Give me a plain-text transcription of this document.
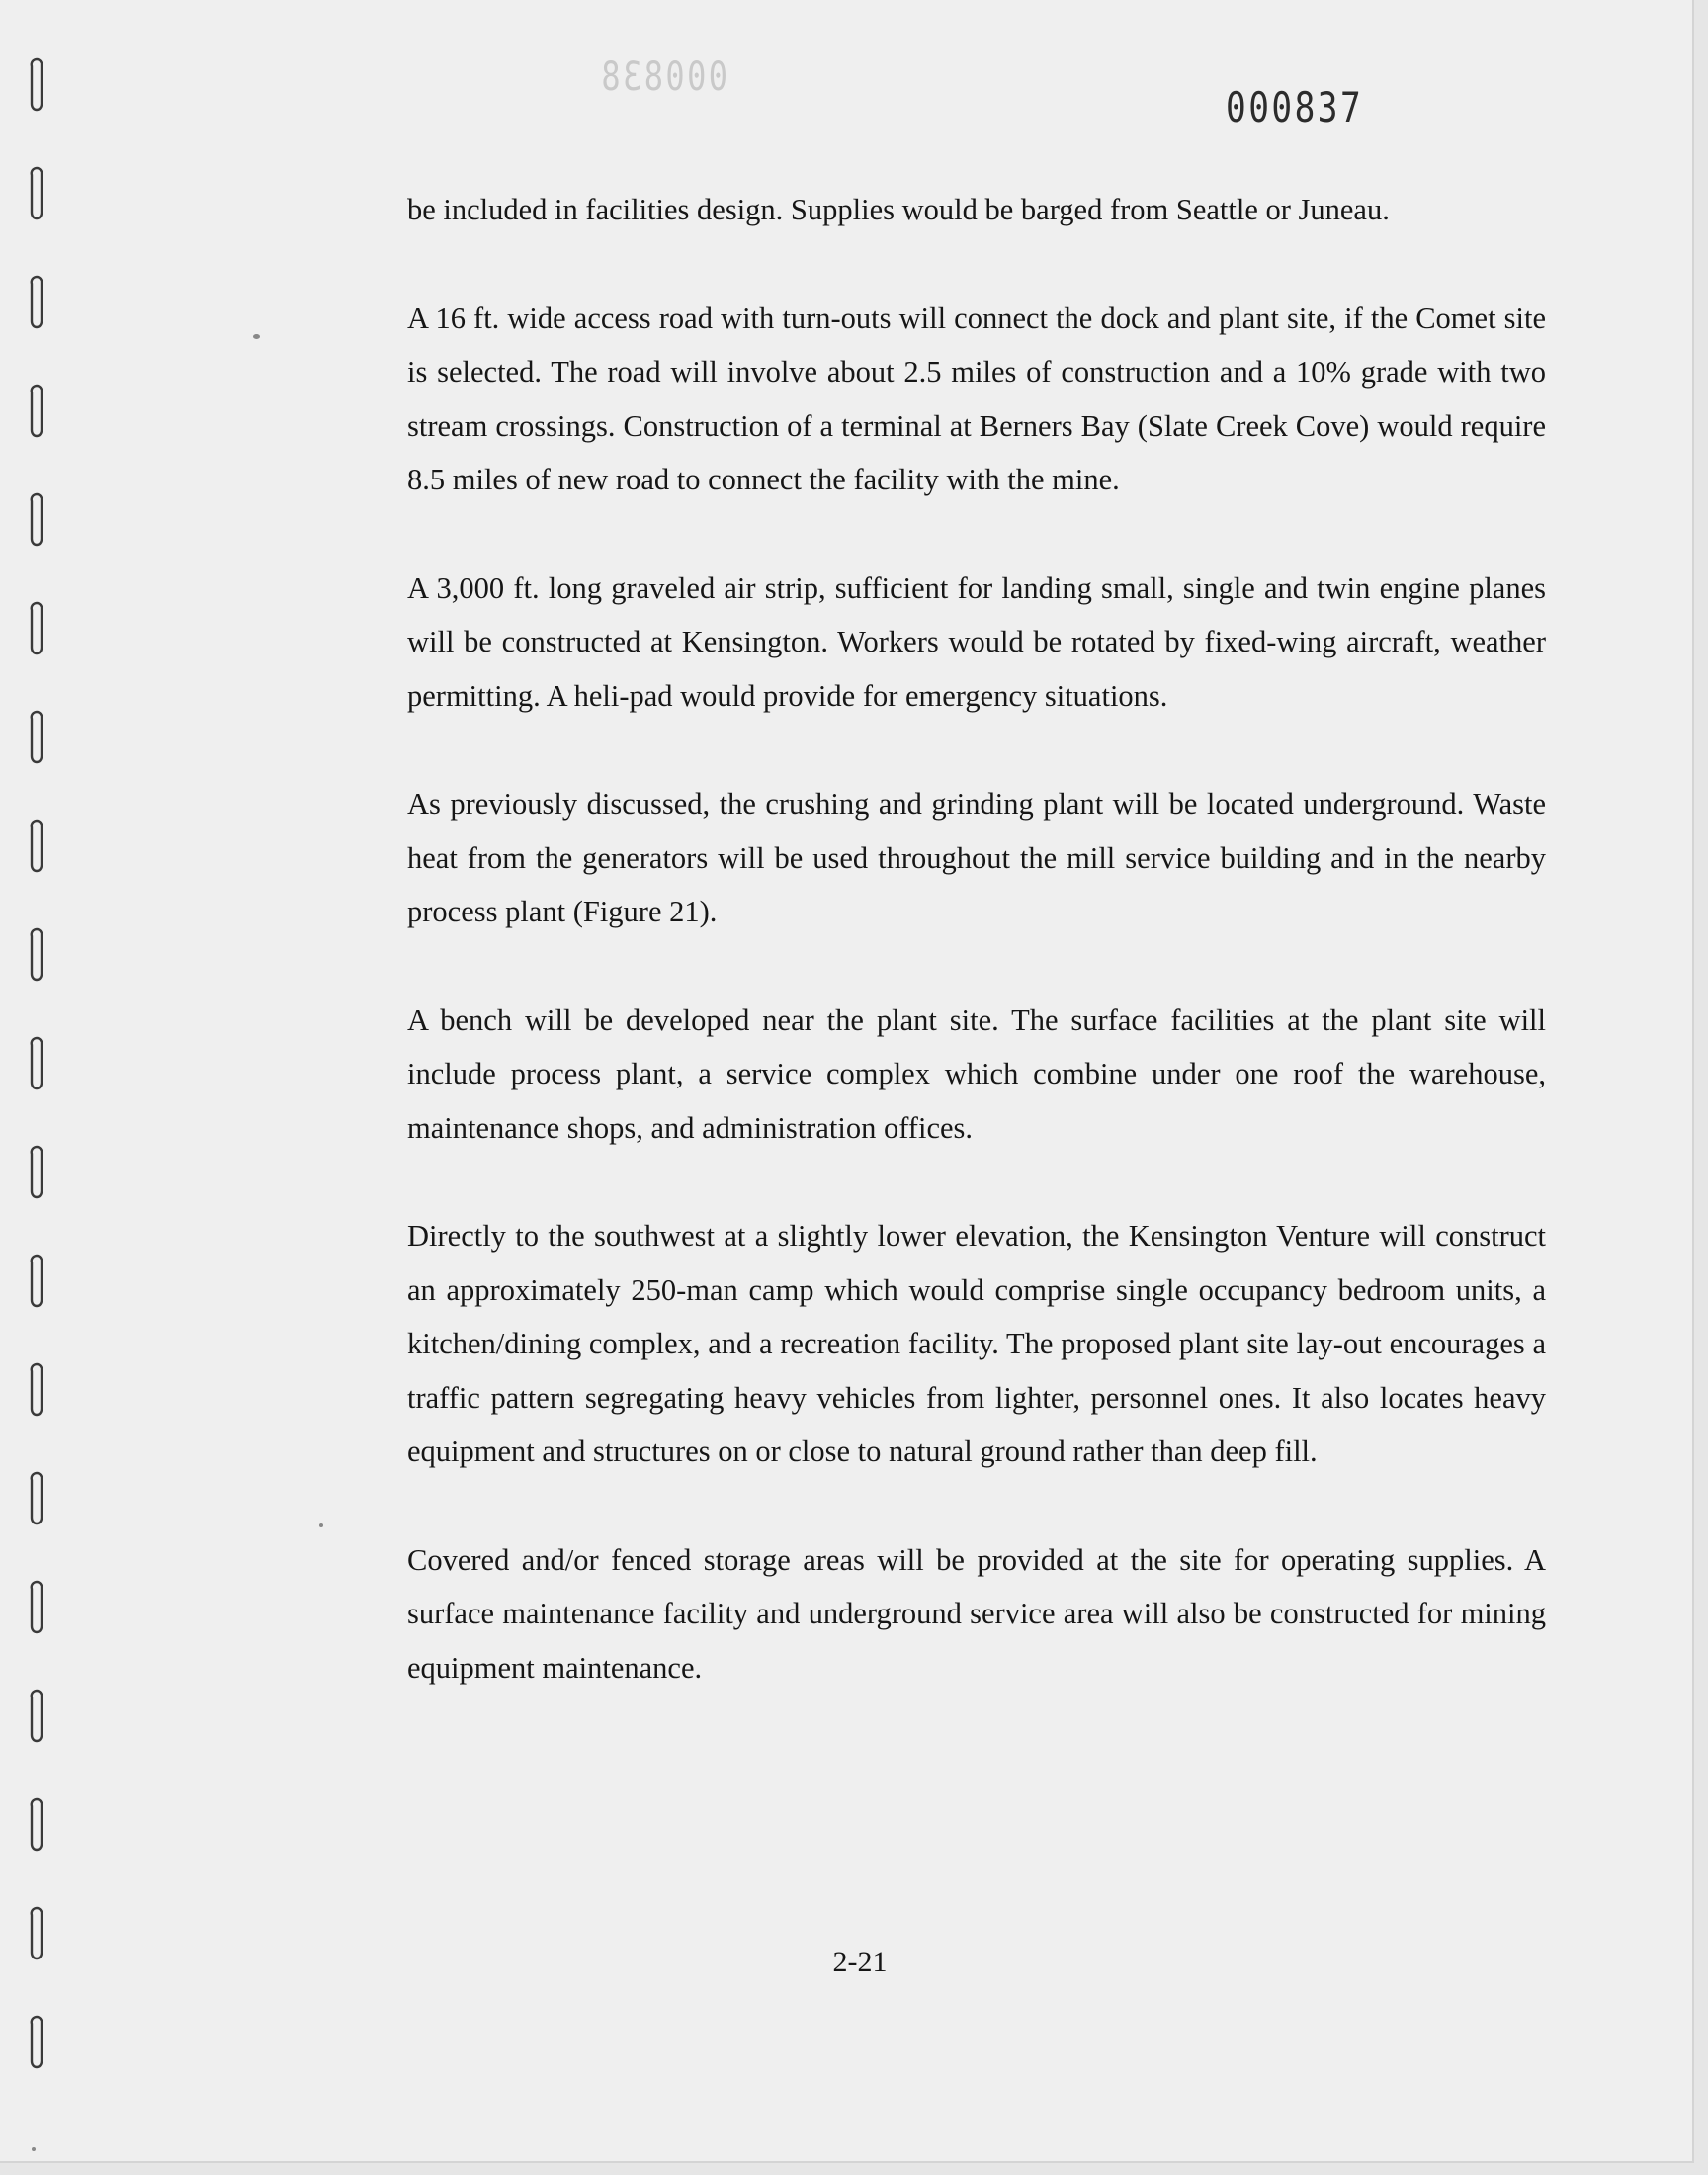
000838
000837

be included in facilities design. Supplies would be barged from Seattle or Juneau.

A 16 ft. wide access road with turn-outs will connect the dock and plant site, if the Comet site is selected. The road will involve about 2.5 miles of construction and a 10% grade with two stream crossings. Construction of a terminal at Berners Bay (Slate Creek Cove) would require 8.5 miles of new road to connect the facility with the mine.

A 3,000 ft. long graveled air strip, sufficient for landing small, single and twin engine planes will be constructed at Kensington. Workers would be rotated by fixed-wing aircraft, weather permitting. A heli-pad would provide for emergency situations.

As previously discussed, the crushing and grinding plant will be located underground. Waste heat from the generators will be used throughout the mill service building and in the nearby process plant (Figure 21).

A bench will be developed near the plant site. The surface facilities at the plant site will include process plant, a service complex which combine under one roof the warehouse, maintenance shops, and administration offices.

Directly to the southwest at a slightly lower elevation, the Kensington Venture will construct an approximately 250-man camp which would comprise single occupancy bedroom units, a kitchen/dining complex, and a recreation facility. The proposed plant site lay-out encourages a traffic pattern segregating heavy vehicles from lighter, personnel ones. It also locates heavy equipment and structures on or close to natural ground rather than deep fill.

Covered and/or fenced storage areas will be provided at the site for operating supplies. A surface maintenance facility and underground service area will also be constructed for mining equipment maintenance.

2-21
